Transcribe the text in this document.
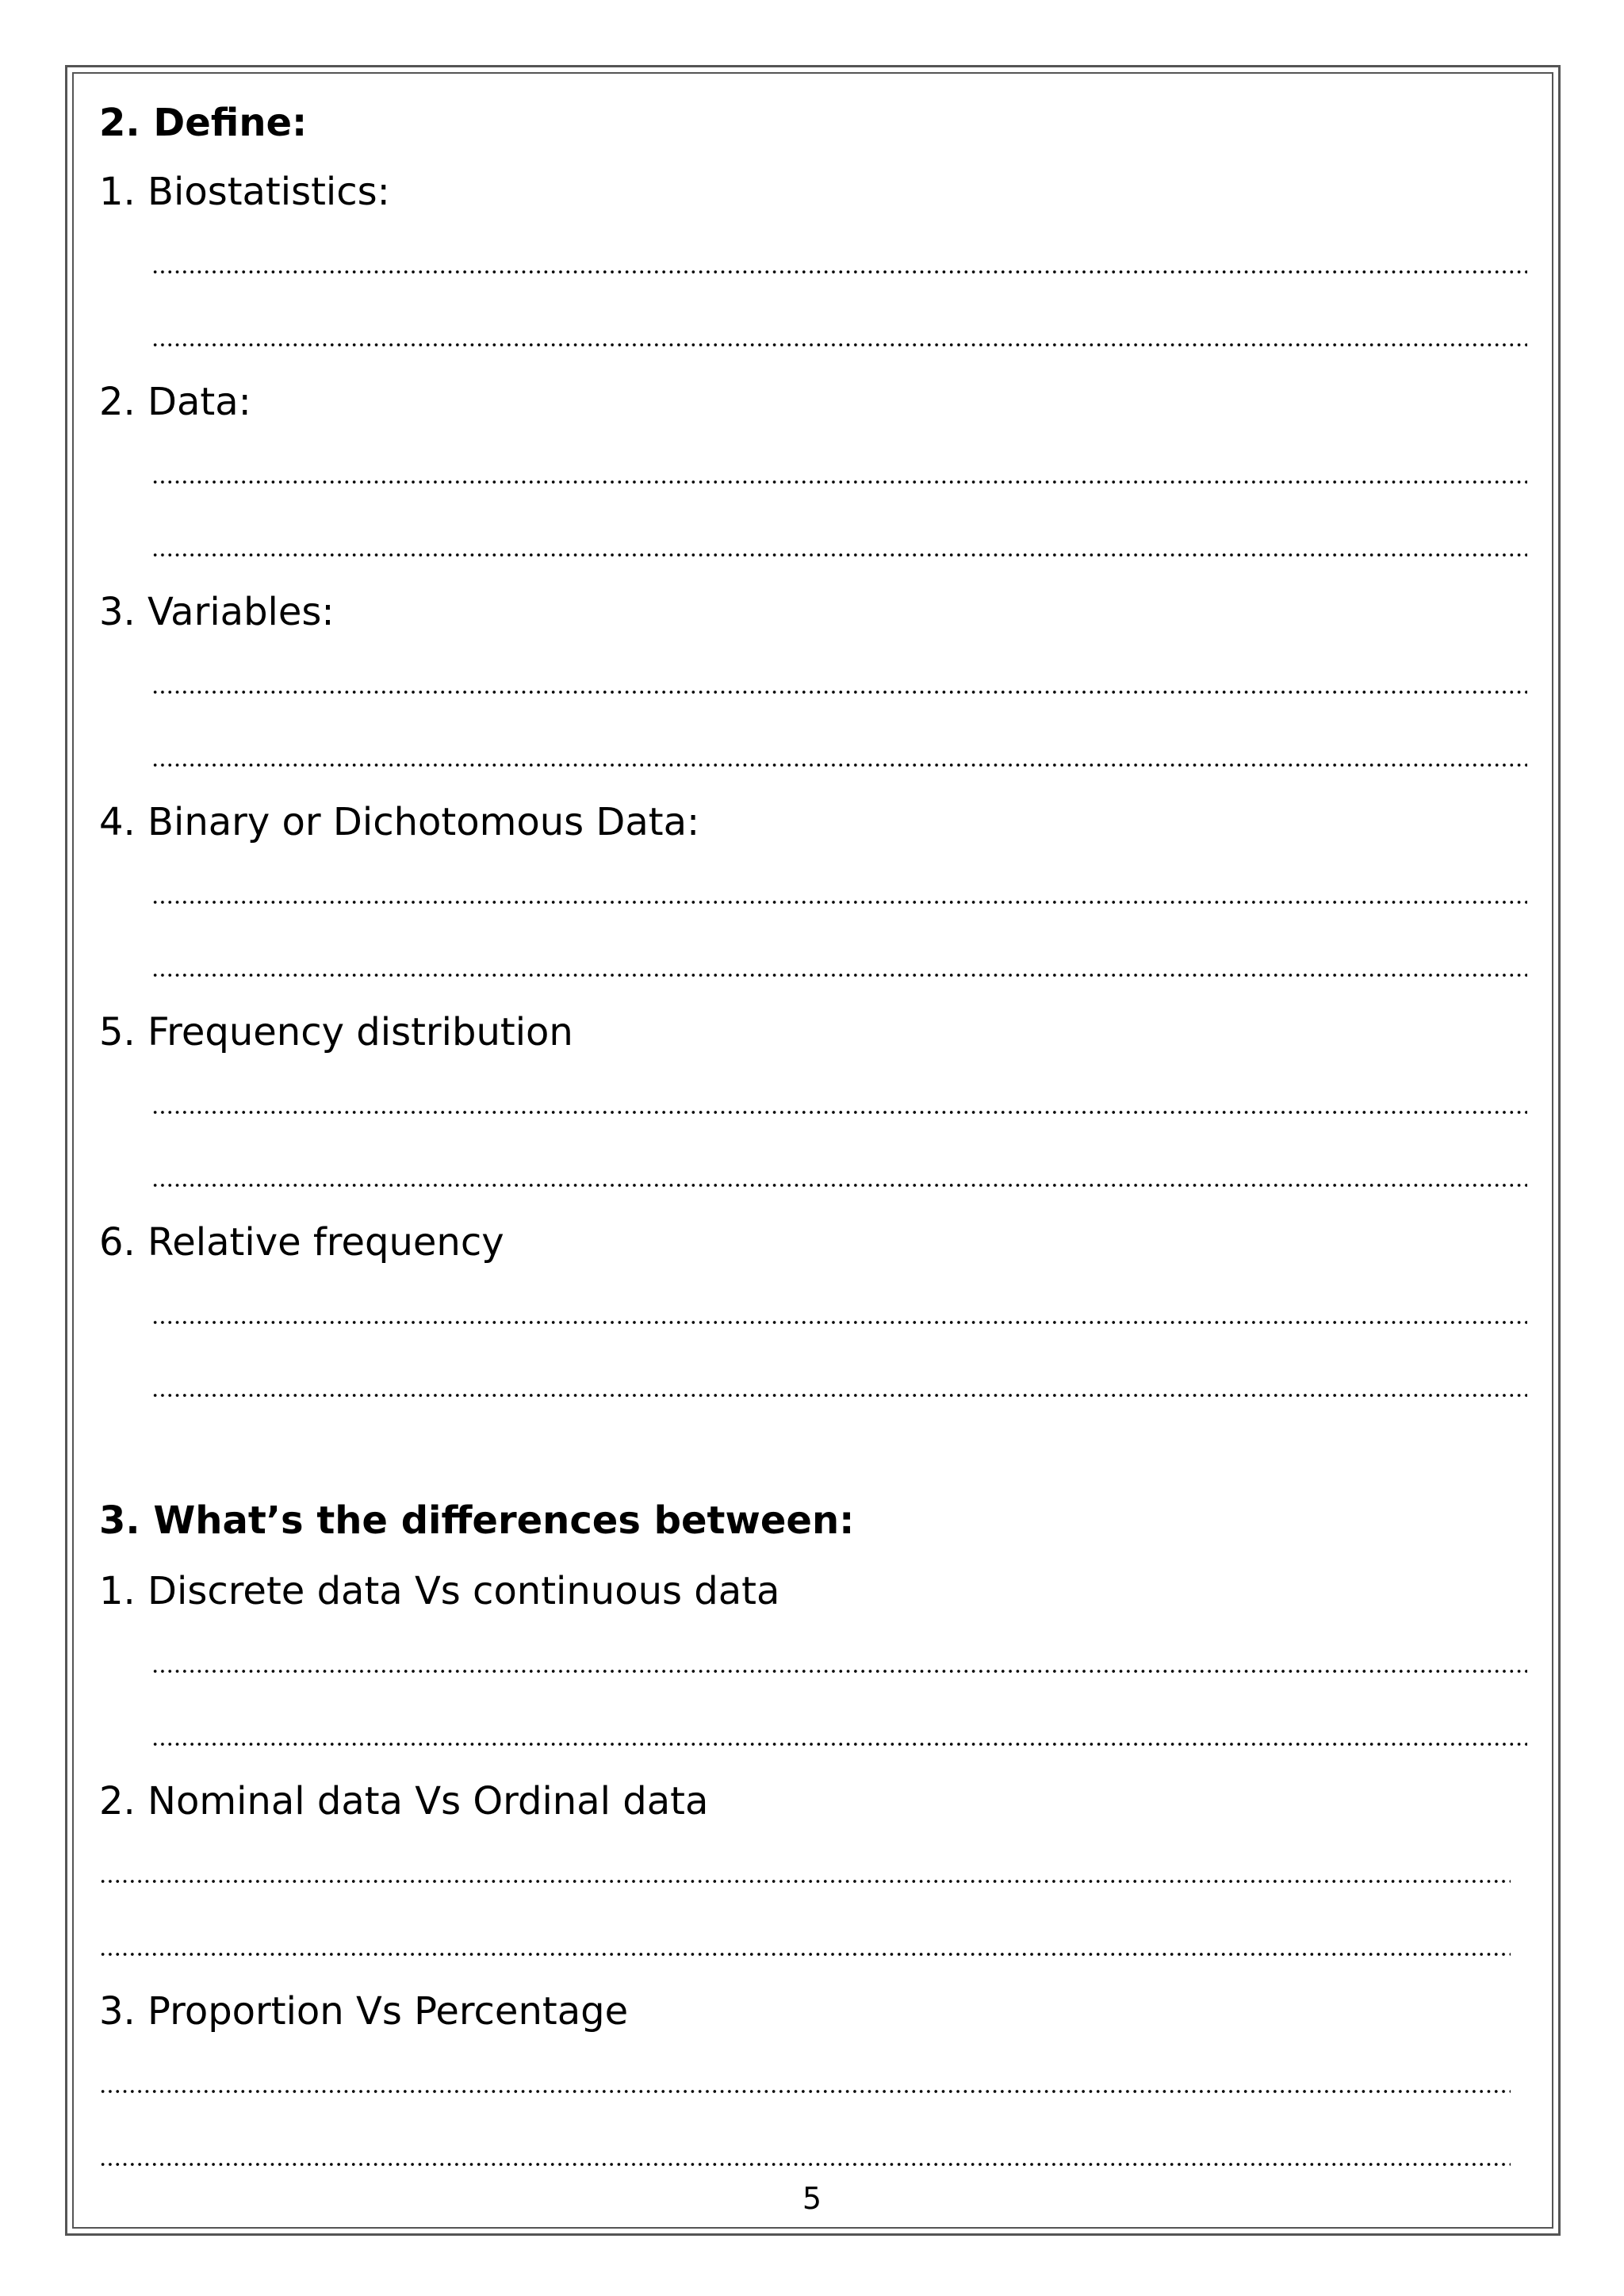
2. Define:
1. Biostatistics:
2. Data:
3. Variables:
4. Binary or Dichotomous Data:
5. Frequency distribution
6. Relative frequency
3. What’s the differences between:
1. Discrete data Vs continuous data
2. Nominal data Vs Ordinal data
3. Proportion Vs Percentage
5
